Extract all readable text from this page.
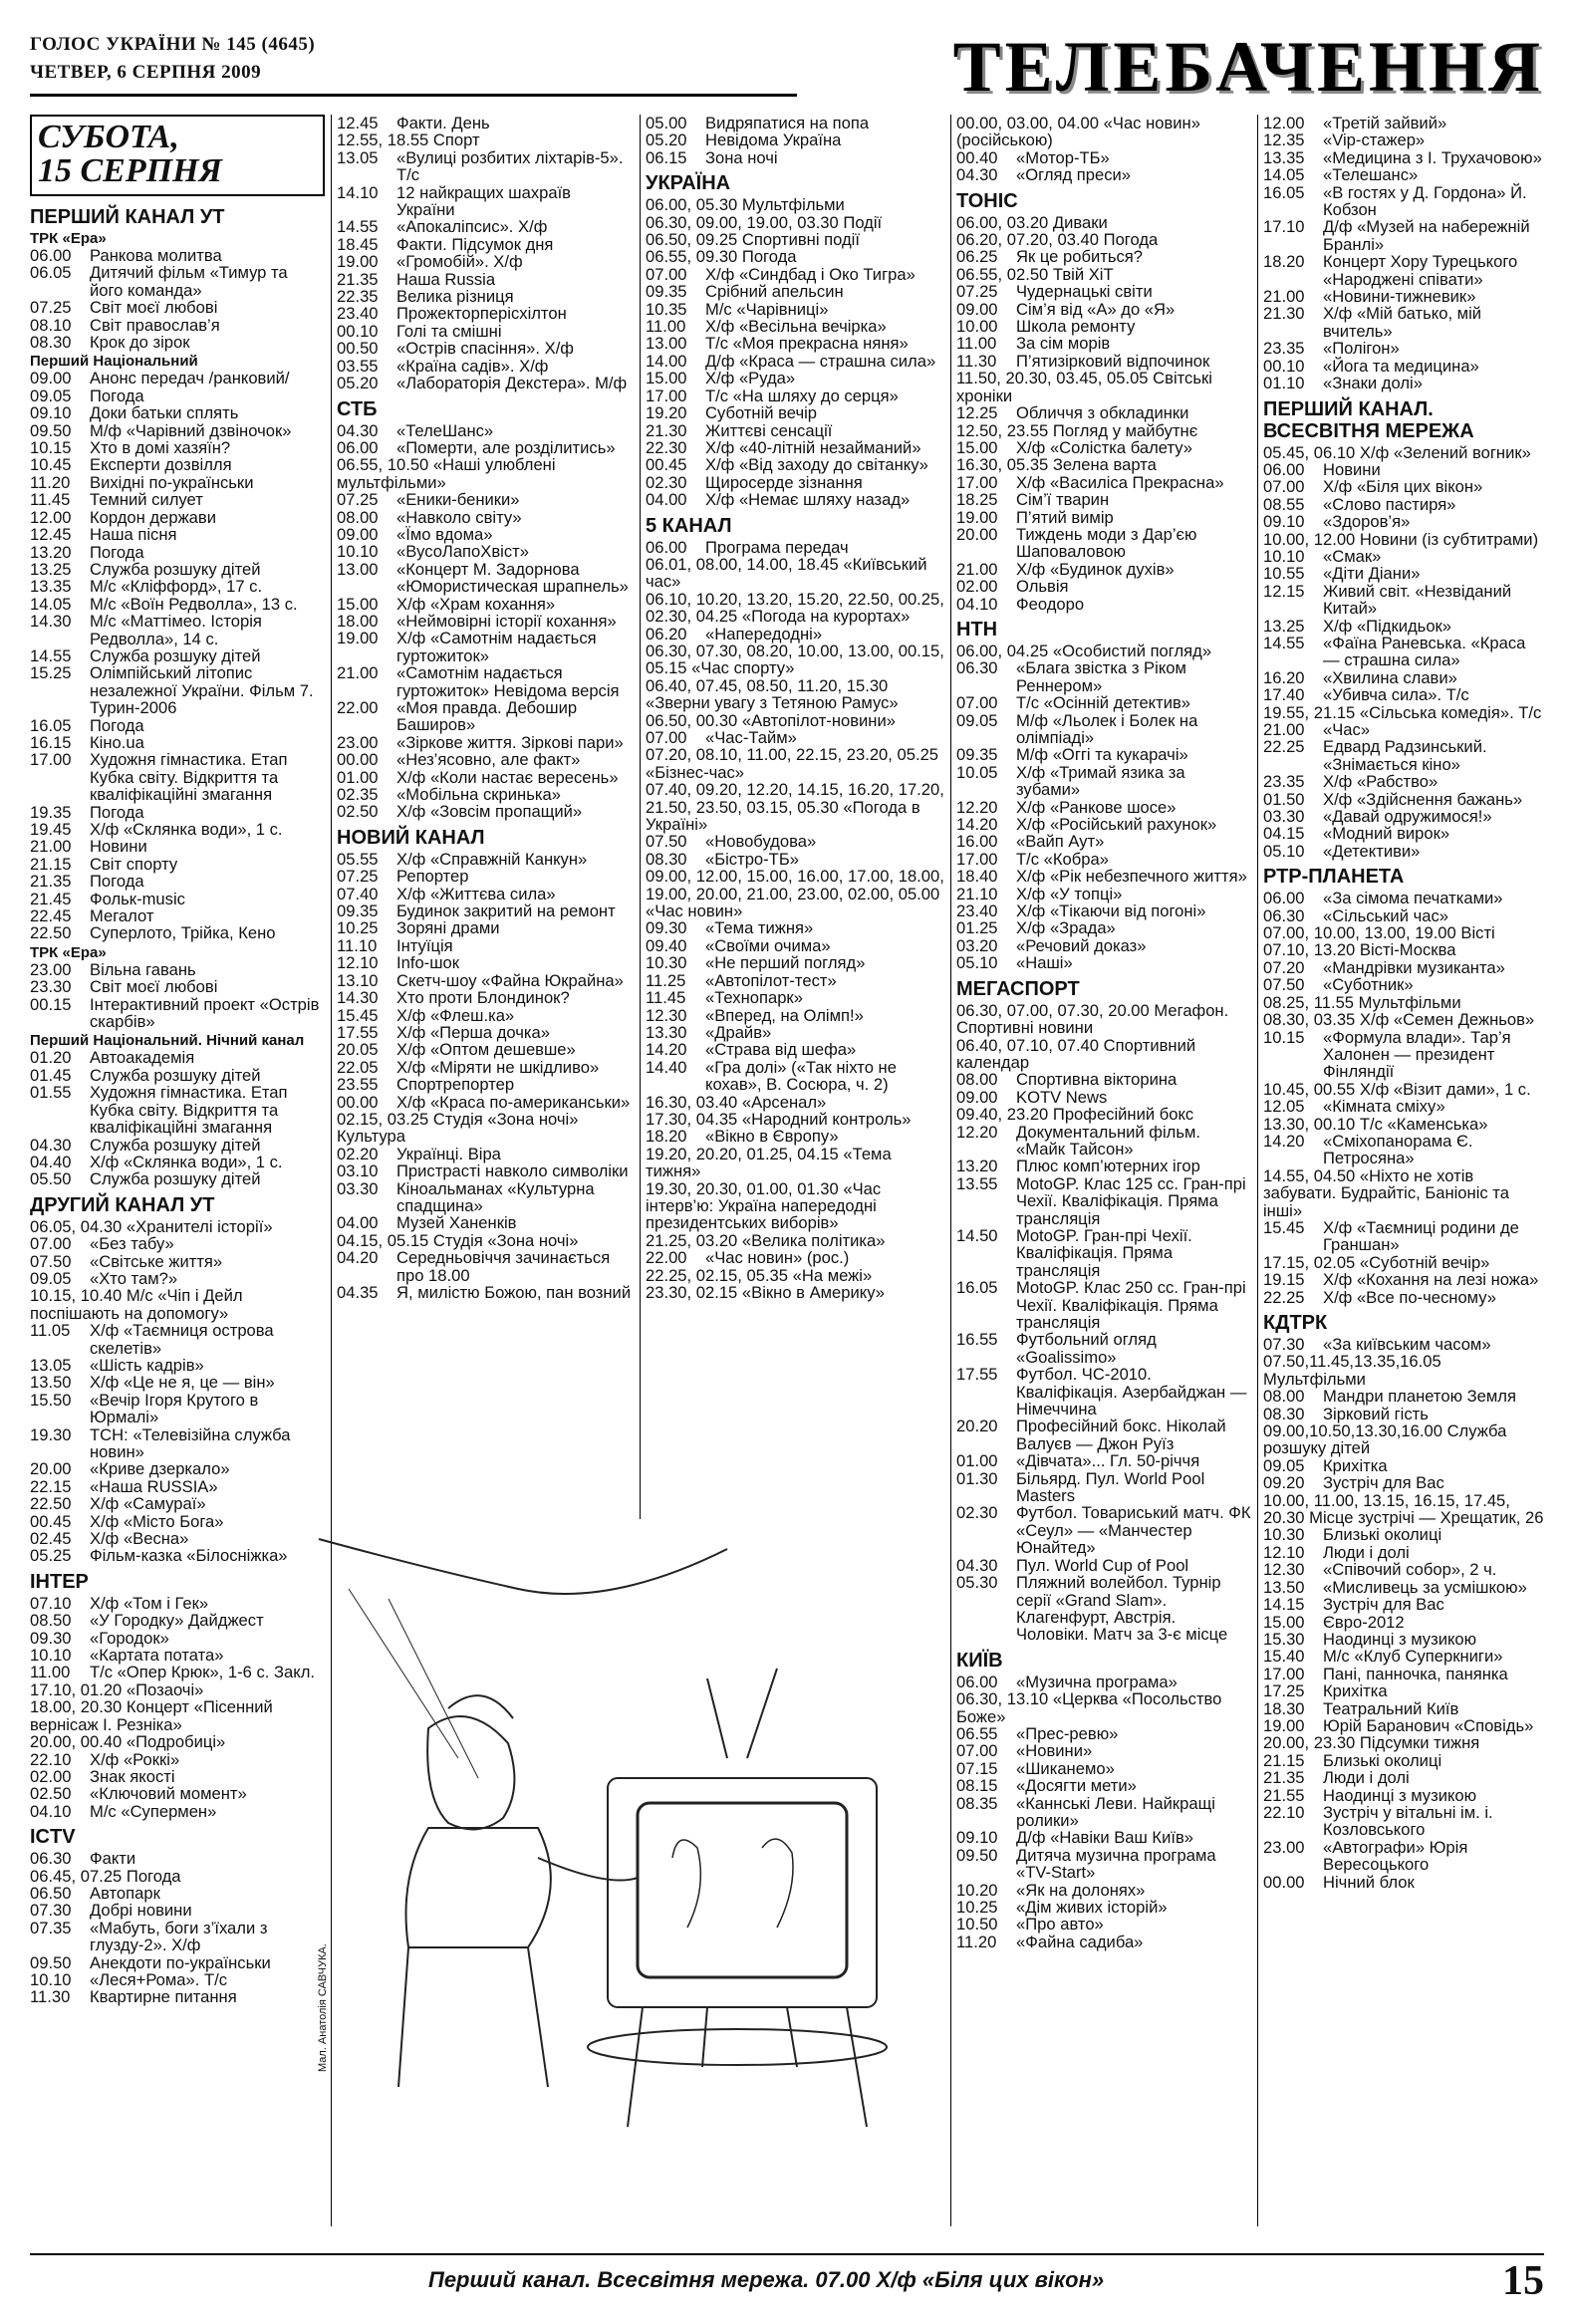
ГОЛОС УКРАЇНИ № 145 (4645)
ЧЕТВЕР, 6 СЕРПНЯ 2009	ТЕЛЕБАЧЕННЯ
СУБОТА,
15 СЕРПНЯ
ПЕРШИЙ КАНАЛ УТ
ТРК «Ера»
06.00	Ранкова молитва
06.05	Дитячий фільм «Тимур та його команда»
07.25	Світ моєї любові
08.10	Світ православ’я
08.30	Крок до зірок
Перший Національний
09.00	Анонс передач /ранковий/
09.05	Погода
09.10	Доки батьки сплять
09.50	М/ф «Чарівний дзвіночок»
10.15	Хто в домі хазяїн?
10.45	Експерти дозвілля
11.20	Вихідні по-українськи
11.45	Темний силует
12.00	Кордон держави
12.45	Наша пісня
13.20	Погода
13.25	Служба розшуку дітей
13.35	М/с «Кліффорд», 17 с.
14.05	М/с «Воїн Редволла», 13 с.
14.30	М/с «Маттімео. Історія Редволла», 14 с.
14.55	Служба розшуку дітей
15.25	Олімпійський літопис незалежної України. Фільм 7. Турин-2006
16.05	Погода
16.15	Кіно.ua
17.00	Художня гімнастика. Етап Кубка світу. Відкриття та кваліфікаційні змагання
19.35	Погода
19.45	Х/ф «Склянка води», 1 с.
21.00	Новини
21.15	Світ спорту
21.35	Погода
21.45	Фольк-music
22.45	Мегалот
22.50	Суперлото, Трійка, Кено
ТРК «Ера»
23.00	Вільна гавань
23.30	Світ моєї любові
00.15	Інтерактивний проект «Острів скарбів»
Перший Національний. Нічний канал
01.20	Автоакадемія
01.45	Служба розшуку дітей
01.55	Художня гімнастика. Етап Кубка світу. Відкриття та кваліфікаційні змагання
04.30	Служба розшуку дітей
04.40	Х/ф «Склянка води», 1 с.
05.50	Служба розшуку дітей
ДРУГИЙ КАНАЛ УТ
06.05, 04.30 «Хранителі історії»
07.00	«Без табу»
07.50	«Світське життя»
09.05	«Хто там?»
10.15, 10.40 М/с «Чіп і Дейл поспішають на допомогу»
11.05	Х/ф «Таємниця острова скелетів»
13.05	«Шість кадрів»
13.50	Х/ф «Це не я, це — він»
15.50	«Вечір Ігоря Крутого в Юрмалі»
19.30	ТСН: «Телевізійна служба новин»
20.00	«Криве дзеркало»
22.15	«Наша RUSSIA»
22.50	Х/ф «Самураї»
00.45	Х/ф «Місто Бога»
02.45	Х/ф «Весна»
05.25	Фільм-казка «Білосніжка»
ІНТЕР
07.10	Х/ф «Том і Гек»
08.50	«У Городку» Дайджест
09.30	«Городок»
10.10	«Картата потата»
11.00	Т/с «Опер Крюк», 1-6 с. Закл.
17.10, 01.20 «Позаочі»
18.00, 20.30 Концерт «Пісенний вернісаж І. Резніка»
20.00, 00.40 «Подробиці»
22.10	Х/ф «Роккі»
02.00	Знак якості
02.50	«Ключовий момент»
04.10	М/с «Супермен»
ICTV
06.30	Факти
06.45, 07.25 Погода
06.50	Автопарк
07.30	Добрі новини
07.35	«Мабуть, боги з’їхали з глузду-2». Х/ф
09.50	Анекдоти по-українськи
10.10	«Леся+Рома». Т/с
11.30	Квартирне питання
12.45	Факти. День
12.55, 18.55 Спорт
13.05	«Вулиці розбитих ліхтарів-5». Т/с
14.10	12 найкращих шахраїв України
14.55	«Апокаліпсис». Х/ф
18.45	Факти. Підсумок дня
19.00	«Громобій». Х/ф
21.35	Наша Russia
22.35	Велика різниця
23.40	Прожекторперісхілтон
00.10	Голі та смішні
00.50	«Острів спасіння». Х/ф
03.55	«Країна садів». Х/ф
05.20	«Лабораторія Декстера». М/ф
СТБ
04.30	«ТелеШанс»
06.00	«Померти, але розділитись»
06.55, 10.50 «Наші улюблені мультфільми»
07.25	«Еники-беники»
08.00	«Навколо світу»
09.00	«Їмо вдома»
10.10	«ВусоЛапоХвіст»
13.00	«Концерт М. Задорнова «Юмористическая шрапнель»
15.00	Х/ф «Храм кохання»
18.00	«Неймовірні історії кохання»
19.00	Х/ф «Самотнім надається гуртожиток»
21.00	«Самотнім надається гуртожиток» Невідома версія
22.00	«Моя правда. Дебошир Баширов»
23.00	«Зіркове життя. Зіркові пари»
00.00	«Нез’ясовно, але факт»
01.00	Х/ф «Коли настає вересень»
02.35	«Мобільна скринька»
02.50	Х/ф «Зовсім пропащий»
НОВИЙ КАНАЛ
05.55	Х/ф «Справжній Канкун»
07.25	Репортер
07.40	Х/ф «Життєва сила»
09.35	Будинок закритий на ремонт
10.25	Зоряні драми
11.10	Інтуїція
12.10	Info-шок
13.10	Скетч-шоу «Файна Юкрайна»
14.30	Хто проти Блондинок?
15.45	Х/ф «Флеш.ка»
17.55	Х/ф «Перша дочка»
20.05	Х/ф «Оптом дешевше»
22.05	Х/ф «Міряти не шкідливо»
23.55	Спортрепортер
00.00	Х/ф «Краса по-американськи»
02.15, 03.25 Студія «Зона ночі» Культура
02.20	Українці. Віра
03.10	Пристрасті навколо символіки
03.30	Кіноальманах «Культурна спадщина»
04.00	Музей Ханенків
04.15, 05.15 Студія «Зона ночі»
04.20	Середньовіччя зачинається про 18.00
04.35	Я, милістю Божою, пан возний
05.00	Видряпатися на попа
05.20	Невідома Україна
06.15	Зона ночі
УКРАЇНА
06.00, 05.30 Мультфільми
06.30, 09.00, 19.00, 03.30 Події
06.50, 09.25 Спортивні події
06.55, 09.30 Погода
07.00	Х/ф «Синдбад і Око Тигра»
09.35	Срібний апельсин
10.35	М/с «Чарівниці»
11.00	Х/ф «Весільна вечірка»
13.00	Т/с «Моя прекрасна няня»
14.00	Д/ф «Краса — страшна сила»
15.00	Х/ф «Руда»
17.00	Т/с «На шляху до серця»
19.20	Суботній вечір
21.30	Життєві сенсації
22.30	Х/ф «40-літній незайманий»
00.45	Х/ф «Від заходу до світанку»
02.30	Щиросерде зізнання
04.00	Х/ф «Немає шляху назад»
5 КАНАЛ
06.00	Програма передач
06.01, 08.00, 14.00, 18.45 «Київський час»
06.10, 10.20, 13.20, 15.20, 22.50, 00.25, 02.30, 04.25 «Погода на курортах»
06.20	«Напередодні»
06.30, 07.30, 08.20, 10.00, 13.00, 00.15, 05.15 «Час спорту»
06.40, 07.45, 08.50, 11.20, 15.30 «Зверни увагу з Тетяною Рамус»
06.50, 00.30 «Автопілот-новини»
07.00	«Час-Тайм»
07.20, 08.10, 11.00, 22.15, 23.20, 05.25 «Бізнес-час»
07.40, 09.20, 12.20, 14.15, 16.20, 17.20, 21.50, 23.50, 03.15, 05.30 «Погода в Україні»
07.50	«Новобудова»
08.30	«Бістро-ТБ»
09.00, 12.00, 15.00, 16.00, 17.00, 18.00, 19.00, 20.00, 21.00, 23.00, 02.00, 05.00 «Час новин»
09.30	«Тема тижня»
09.40	«Своїми очима»
10.30	«Не перший погляд»
11.25	«Автопілот-тест»
11.45	«Технопарк»
12.30	«Вперед, на Олімп!»
13.30	«Драйв»
14.20	«Страва від шефа»
14.40	«Гра долі» («Так ніхто не кохав», В. Сосюра, ч. 2)
16.30, 03.40 «Арсенал»
17.30, 04.35 «Народний контроль»
18.20	«Вікно в Європу»
19.20, 20.20, 01.25, 04.15 «Тема тижня»
19.30, 20.30, 01.00, 01.30 «Час інтерв’ю: Україна напередодні президентських виборів»
21.25, 03.20 «Велика політика»
22.00	«Час новин» (рос.)
22.25, 02.15, 05.35 «На межі»
23.30, 02.15 «Вікно в Америку»
00.00, 03.00, 04.00 «Час новин» (російською)
00.40	«Мотор-ТБ»
04.30	«Огляд преси»
ТОНІС
06.00, 03.20 Диваки
06.20, 07.20, 03.40 Погода
06.25	Як це робиться?
06.55, 02.50 Твій ХіТ
07.25	Чудернацькі світи
09.00	Сім’я від «А» до «Я»
10.00	Школа ремонту
11.00	За сім морів
11.30	П’ятизірковий відпочинок
11.50, 20.30, 03.45, 05.05 Світські хроніки
12.25	Обличчя з обкладинки
12.50, 23.55 Погляд у майбутнє
15.00	Х/ф «Солістка балету»
16.30, 05.35 Зелена варта
17.00	Х/ф «Василіса Прекрасна»
18.25	Сім’ї тварин
19.00	П’ятий вимір
20.00	Тиждень моди з Дар’єю Шаповаловою
21.00	Х/ф «Будинок духів»
02.00	Ольвія
04.10	Феодоро
НТН
06.00, 04.25 «Особистий погляд»
06.30	«Блага звістка з Ріком Реннером»
07.00	Т/с «Осінній детектив»
09.05	М/ф «Льолек і Болек на олімпіаді»
09.35	М/ф «Оггі та кукарачі»
10.05	Х/ф «Тримай язика за зубами»
12.20	Х/ф «Ранкове шосе»
14.20	Х/ф «Російський рахунок»
16.00	«Вайп Аут»
17.00	Т/с «Кобра»
18.40	Х/ф «Рік небезпечного життя»
21.10	Х/ф «У топці»
23.40	Х/ф «Тікаючи від погоні»
01.25	Х/ф «Зрада»
03.20	«Речовий доказ»
05.10	«Наші»
МЕГАСПОРТ
06.30, 07.00, 07.30, 20.00 Мегафон. Спортивні новини
06.40, 07.10, 07.40 Спортивний календар
08.00	Спортивна вікторина
09.00	KOTV News
09.40, 23.20 Професійний бокс
12.20	Документальний фільм. «Майк Тайсон»
13.20	Плюс комп’ютерних ігор
13.55	MotoGP. Клас 125 сс. Гран-прі Чехії. Кваліфікація. Пряма трансляція
14.50	MotoGP. Гран-прі Чехії. Кваліфікація. Пряма трансляція
16.05	MotoGP. Клас 250 сс. Гран-прі Чехії. Кваліфікація. Пряма трансляція
16.55	Футбольний огляд «Goalissimo»
17.55	Футбол. ЧС-2010. Кваліфікація. Азербайджан — Німеччина
20.20	Професійний бокс. Ніколай Валуєв — Джон Руїз
01.00	«Дівчата»... Гл. 50-річчя
01.30	Більярд. Пул. World Pool Masters
02.30	Футбол. Товариський матч. ФК «Сеул» — «Манчестер Юнайтед»
04.30	Пул. World Cup of Pool
05.30	Пляжний волейбол. Турнір серії «Grand Slam». Клагенфурт, Австрія. Чоловіки. Матч за 3-є місце
КИЇВ
06.00	«Музична програма»
06.30, 13.10 «Церква «Посольство Боже»
06.55	«Прес-ревю»
07.00	«Новини»
07.15	«Шиканемо»
08.15	«Досягти мети»
08.35	«Каннські Леви. Найкращі ролики»
09.10	Д/ф «Навіки Ваш Київ»
09.50	Дитяча музична програма «TV-Start»
10.20	«Як на долонях»
10.25	«Дім живих історій»
10.50	«Про авто»
11.20	«Файна садиба»
12.00	«Третій зайвий»
12.35	«Vip-стажер»
13.35	«Медицина з І. Трухачовою»
14.05	«Телешанс»
16.05	«В гостях у Д. Гордона» Й. Кобзон
17.10	Д/ф «Музей на набережній Бранлі»
18.20	Концерт Хору Турецького «Народжені співати»
21.00	«Новини-тижневик»
21.30	Х/ф «Мій батько, мій вчитель»
23.35	«Полігон»
00.10	«Йога та медицина»
01.10	«Знаки долі»
ПЕРШИЙ КАНАЛ. ВСЕСВІТНЯ МЕРЕЖА
05.45, 06.10 Х/ф «Зелений вогник»
06.00	Новини
07.00	Х/ф «Біля цих вікон»
08.55	«Слово пастиря»
09.10	«Здоров’я»
10.00, 12.00 Новини (із субтитрами)
10.10	«Смак»
10.55	«Діти Діани»
12.15	Живий світ. «Незвіданий Китай»
13.25	Х/ф «Підкидьок»
14.55	«Фаїна Раневська. «Краса — страшна сила»
16.20	«Хвилина слави»
17.40	«Убивча сила». Т/с
19.55, 21.15 «Сільська комедія». Т/с
21.00	«Час»
22.25	Едвард Радзинський. «Знімається кіно»
23.35	Х/ф «Рабство»
01.50	Х/ф «Здійснення бажань»
03.30	«Давай одружимося!»
04.15	«Модний вирок»
05.10	«Детективи»
РТР-ПЛАНЕТА
06.00	«За сімома печатками»
06.30	«Сільський час»
07.00, 10.00, 13.00, 19.00 Вісті
07.10, 13.20 Вісті-Москва
07.20	«Мандрівки музиканта»
07.50	«Суботник»
08.25, 11.55 Мультфільми
08.30, 03.35 Х/ф «Семен Дежньов»
10.15	«Формула влади». Тар’я Халонен — президент Фінляндії
10.45, 00.55 Х/ф «Візит дами», 1 с.
12.05	«Кімната сміху»
13.30, 00.10 Т/с «Каменська»
14.20	«Сміхопанорама Є. Петросяна»
14.55, 04.50 «Ніхто не хотів забувати. Будрайтіс, Баніоніс та інші»
15.45	Х/ф «Таємниці родини де Граншан»
17.15, 02.05 «Суботній вечір»
19.15	Х/ф «Кохання на лезі ножа»
22.25	Х/ф «Все по-чесному»
КДТРК
07.30	«За київським часом»
07.50,11.45,13.35,16.05 Мультфільми
08.00	Мандри планетою Земля
08.30	Зірковий гість
09.00,10.50,13.30,16.00 Служба розшуку дітей
09.05	Крихітка
09.20	Зустріч для Вас
10.00, 11.00, 13.15, 16.15, 17.45, 20.30 Місце зустрічі — Хрещатик, 26
10.30	Близькі околиці
12.10	Люди і долі
12.30	«Співочий собор», 2 ч.
13.50	«Мисливець за усмішкою»
14.15	Зустріч для Вас
15.00	Євро-2012
15.30	Наодинці з музикою
15.40	М/с «Клуб Суперкниги»
17.00	Пані, панночка, панянка
17.25	Крихітка
18.30	Театральний Київ
19.00	Юрій Баранович «Сповідь»
20.00, 23.30 Підсумки тижня
21.15	Близькі околиці
21.35	Люди і долі
21.55	Наодинці з музикою
22.10	Зустріч у вітальні ім. і. Козловського
23.00	«Автографи» Юрія Вересоцького
00.00	Нічний блок
Мал. Анатолія САВЧУКА.
Перший канал. Всесвітня мережа. 07.00 Х/ф «Біля цих вікон»	15
